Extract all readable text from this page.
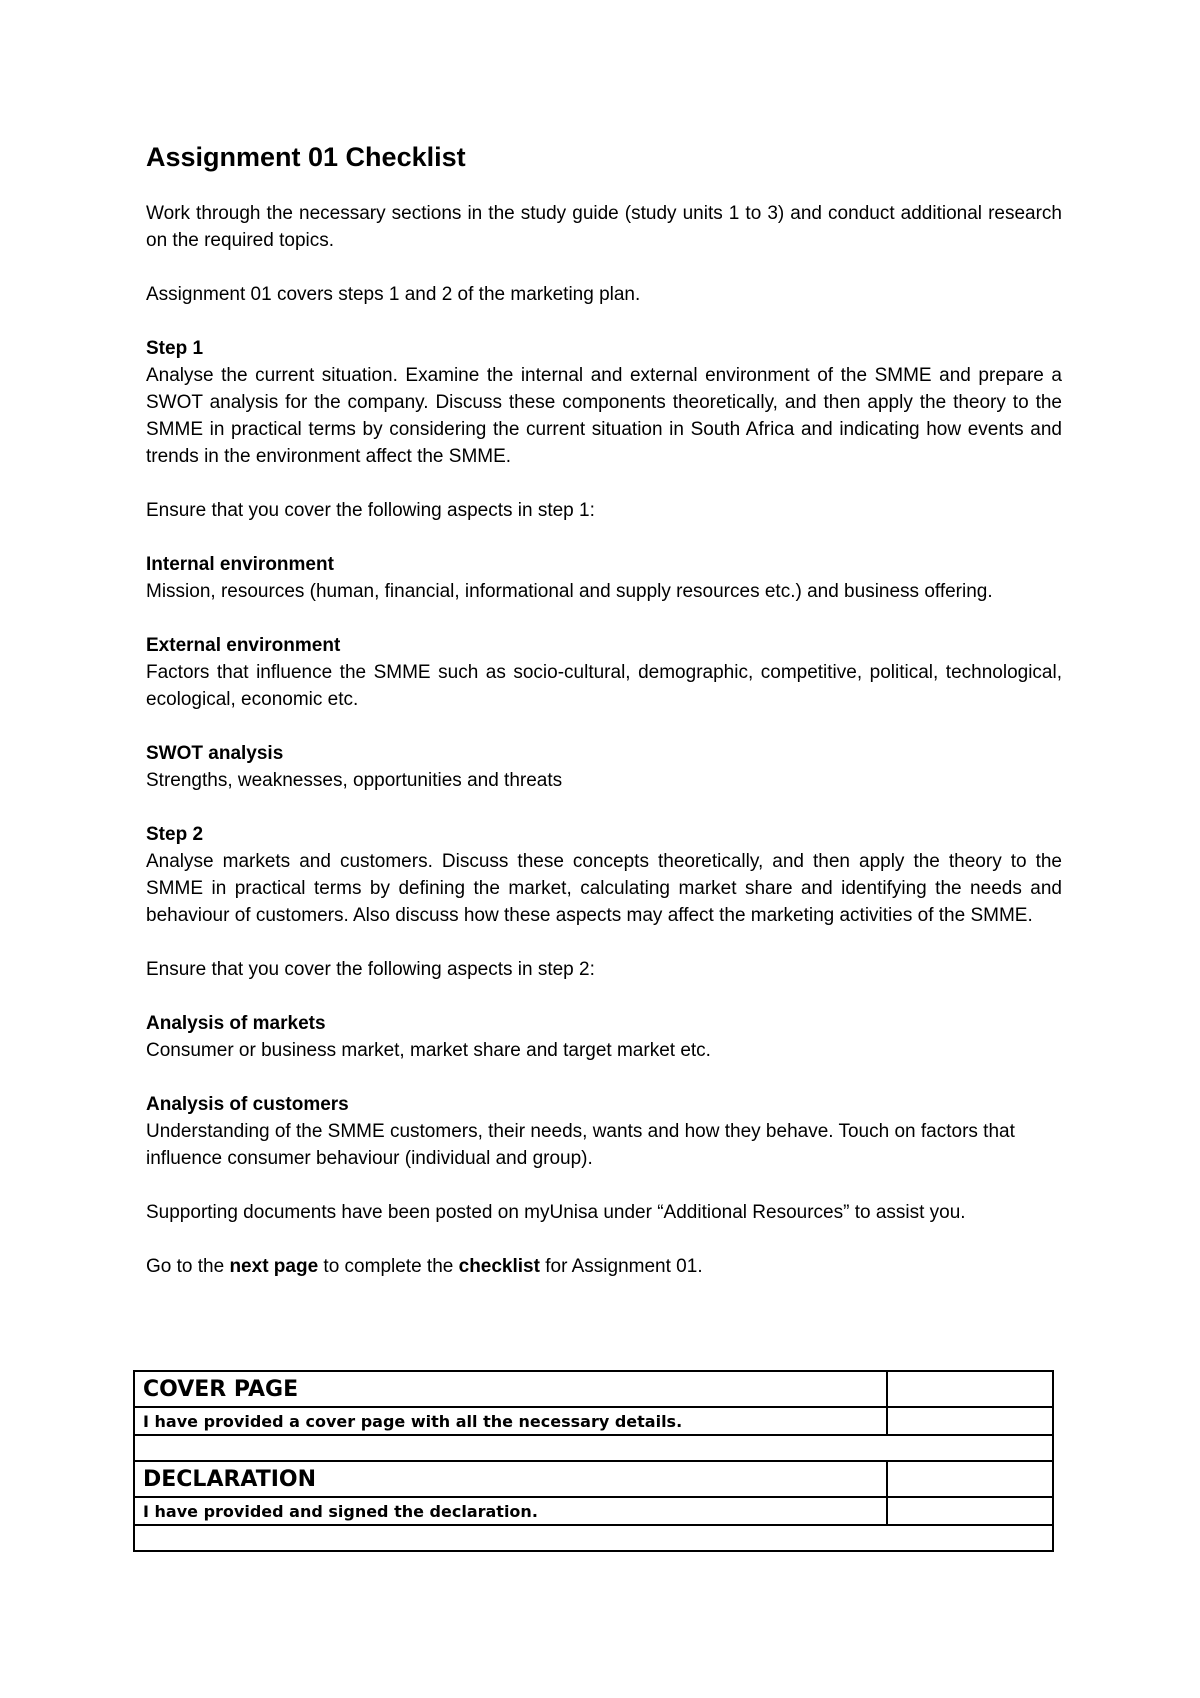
Assignment 01 Checklist

Work through the necessary sections in the study guide (study units 1 to 3) and conduct additional research on the required topics.

Assignment 01 covers steps 1 and 2 of the marketing plan.

Step 1

Analyse the current situation. Examine the internal and external environment of the SMME and prepare a SWOT analysis for the company. Discuss these components theoretically, and then apply the theory to the SMME in practical terms by considering the current situation in South Africa and indicating how events and trends in the environment affect the SMME.

Ensure that you cover the following aspects in step 1:

Internal environment

Mission, resources (human, financial, informational and supply resources etc.) and business offering.

External environment

Factors that influence the SMME such as socio-cultural, demographic, competitive, political, technological, ecological, economic etc.

SWOT analysis

Strengths, weaknesses, opportunities and threats

Step 2

Analyse markets and customers. Discuss these concepts theoretically, and then apply the theory to the SMME in practical terms by defining the market, calculating market share and identifying the needs and behaviour of customers. Also discuss how these aspects may affect the marketing activities of the SMME.

Ensure that you cover the following aspects in step 2:

Analysis of markets

Consumer or business market, market share and target market etc.

Analysis of customers

Understanding of the SMME customers, their needs, wants and how they behave. Touch on factors that influence consumer behaviour (individual and group).

Supporting documents have been posted on myUnisa under “Additional Resources” to assist you.

Go to the next page to complete the checklist for Assignment 01.

COVER PAGE	
I have provided a cover page with all the necessary details.	

DECLARATION	
I have provided and signed the declaration.	
